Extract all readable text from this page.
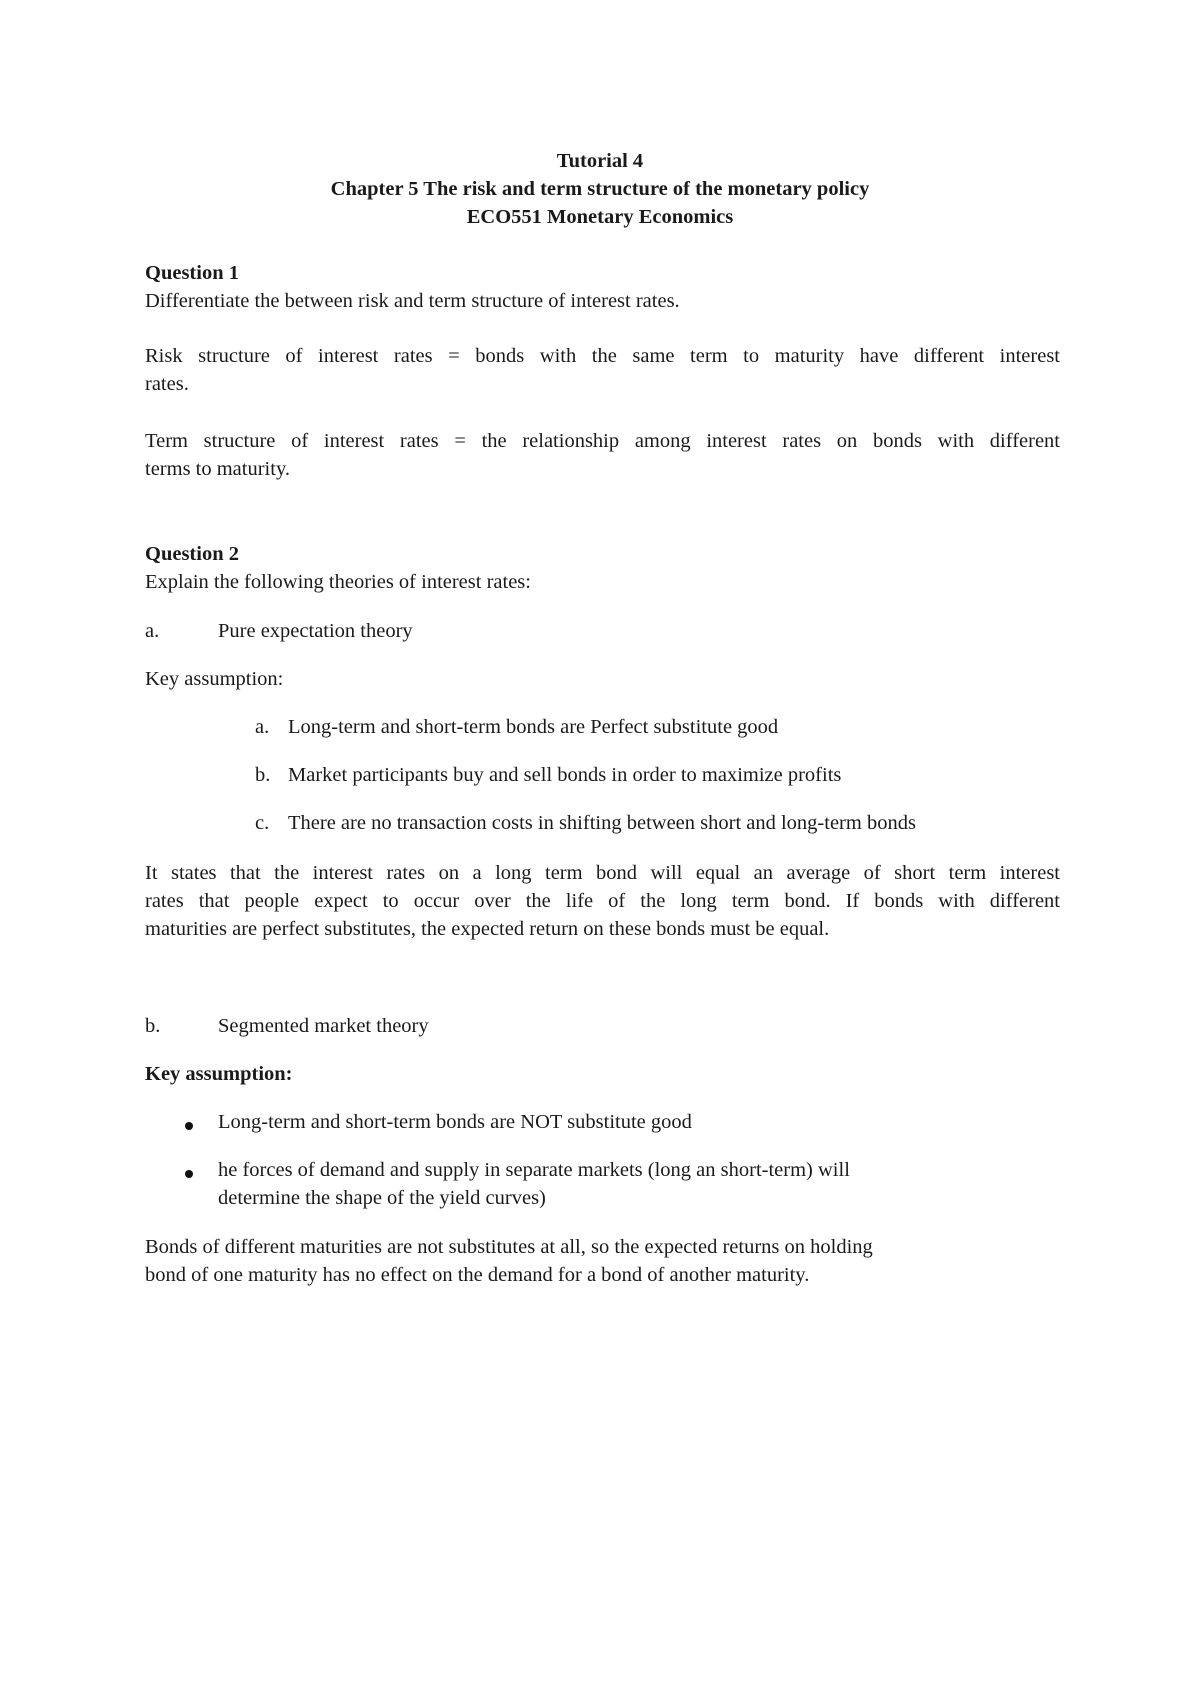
Tutorial 4

Chapter 5 The risk and term structure of the monetary policy

ECO551 Monetary Economics

Question 1

Differentiate the between risk and term structure of interest rates.

Risk structure of interest rates = bonds with the same term to maturity have different interest

rates.

Term structure of interest rates = the relationship among interest rates on bonds with different

terms to maturity.

Question 2

Explain the following theories of interest rates:

a.	Pure expectation theory

Key assumption:

a. Long-term and short-term bonds are Perfect substitute good

b. Market participants buy and sell bonds in order to maximize profits

c. There are no transaction costs in shifting between short and long-term bonds

It states that the interest rates on a long term bond will equal an average of short term interest

rates that people expect to occur over the life of the long term bond. If bonds with different

maturities are perfect substitutes, the expected return on these bonds must be equal.

b.	Segmented market theory

Key assumption:

Long-term and short-term bonds are NOT substitute good

he forces of demand and supply in separate markets (long an short-term) will

determine the shape of the yield curves)

Bonds of different maturities are not substitutes at all, so the expected returns on holding

bond of one maturity has no effect on the demand for a bond of another maturity.
